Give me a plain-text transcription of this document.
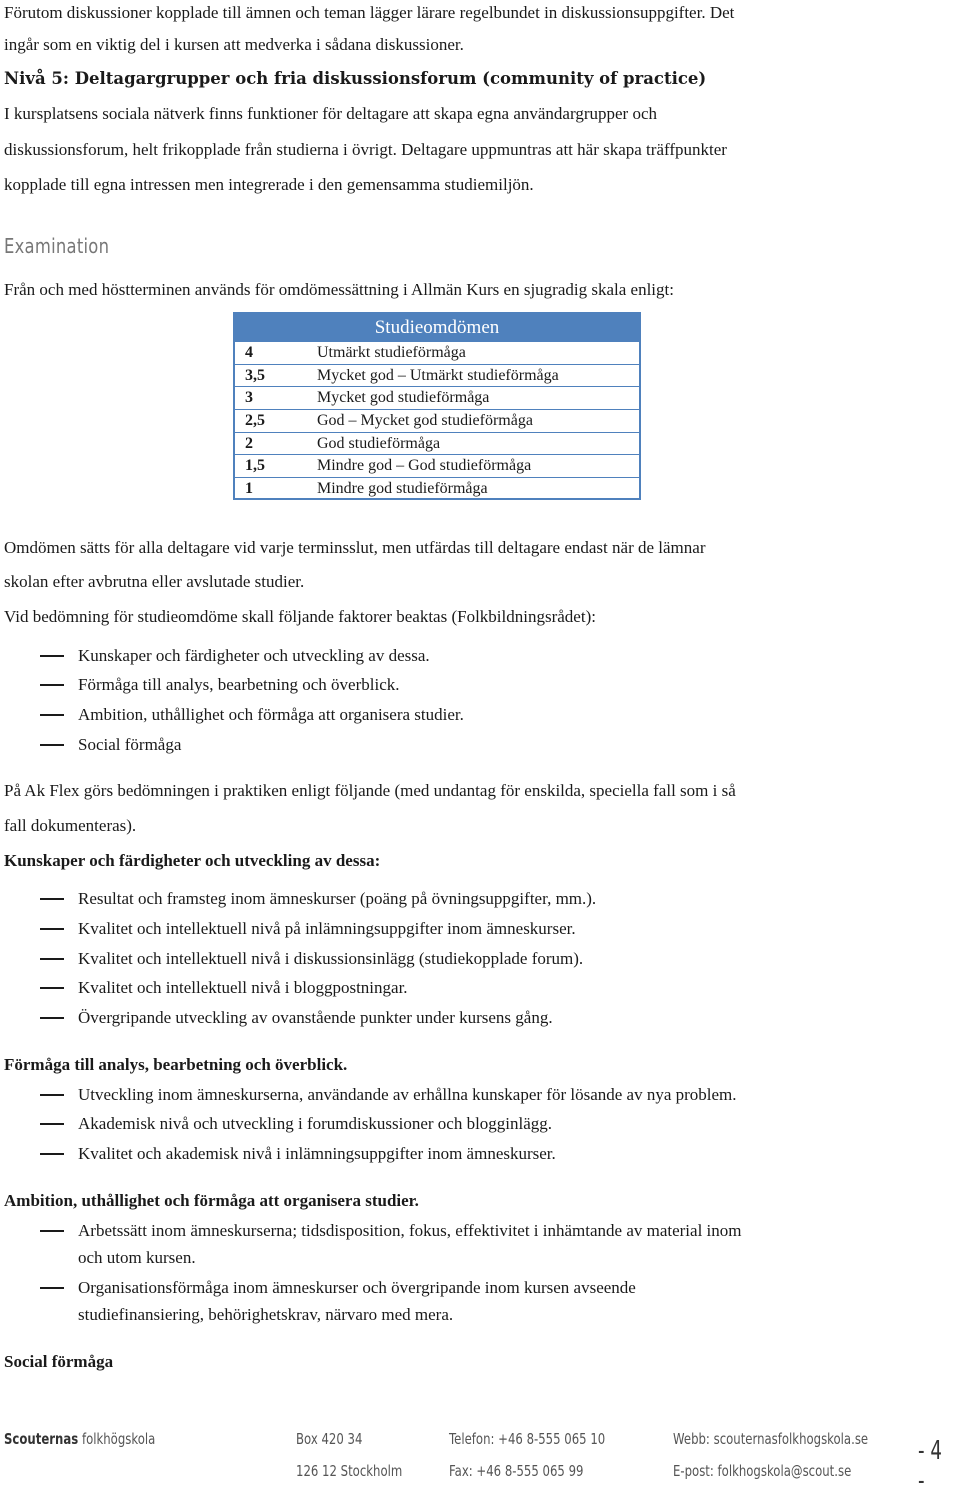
Förutom diskussioner kopplade till ämnen och teman lägger lärare regelbundet in diskussionsuppgifter. Det
ingår som en viktig del i kursen att medverka i sådana diskussioner.
Nivå 5: Deltagargrupper och fria diskussionsforum (community of practice)
I kursplatsens sociala nätverk finns funktioner för deltagare att skapa egna användargrupper och
diskussionsforum, helt frikopplade från studierna i övrigt. Deltagare uppmuntras att här skapa träffpunkter
kopplade till egna intressen men integrerade i den gemensamma studiemiljön.
Examination
Från och med höstterminen används för omdömessättning i Allmän Kurs en sjugradig skala enligt:
Studieomdömen
4	Utmärkt studieförmåga
3,5	Mycket god – Utmärkt studieförmåga
3	Mycket god studieförmåga
2,5	God – Mycket god studieförmåga
2	God studieförmåga
1,5	Mindre god – God studieförmåga
1	Mindre god studieförmåga
Omdömen sätts för alla deltagare vid varje terminsslut, men utfärdas till deltagare endast när de lämnar
skolan efter avbrutna eller avslutade studier.
Vid bedömning för studieomdöme skall följande faktorer beaktas (Folkbildningsrådet):
Kunskaper och färdigheter och utveckling av dessa.
Förmåga till analys, bearbetning och överblick.
Ambition, uthållighet och förmåga att organisera studier.
Social förmåga
På Ak Flex görs bedömningen i praktiken enligt följande (med undantag för enskilda, speciella fall som i så
fall dokumenteras).
Kunskaper och färdigheter och utveckling av dessa:
Resultat och framsteg inom ämneskurser (poäng på övningsuppgifter, mm.).
Kvalitet och intellektuell nivå på inlämningsuppgifter inom ämneskurser.
Kvalitet och intellektuell nivå i diskussionsinlägg (studiekopplade forum).
Kvalitet och intellektuell nivå i bloggpostningar.
Övergripande utveckling av ovanstående punkter under kursens gång.
Förmåga till analys, bearbetning och överblick.
Utveckling inom ämneskurserna, användande av erhållna kunskaper för lösande av nya problem.
Akademisk nivå och utveckling i forumdiskussioner och blogginlägg.
Kvalitet och akademisk nivå i inlämningsuppgifter inom ämneskurser.
Ambition, uthållighet och förmåga att organisera studier.
Arbetssätt inom ämneskurserna; tidsdisposition, fokus, effektivitet i inhämtande av material inom
och utom kursen.
Organisationsförmåga inom ämneskurser och övergripande inom kursen avseende
studiefinansiering, behörighetskrav, närvaro med mera.
Social förmåga
Scouternas folkhögskola	Box 420 34
126 12 Stockholm
Telefon: +46 8-555 065 10
Fax: +46 8-555 065 99
Webb: scouternasfolkhogskola.se
E-post: folkhogskola@scout.se
- 4 -
